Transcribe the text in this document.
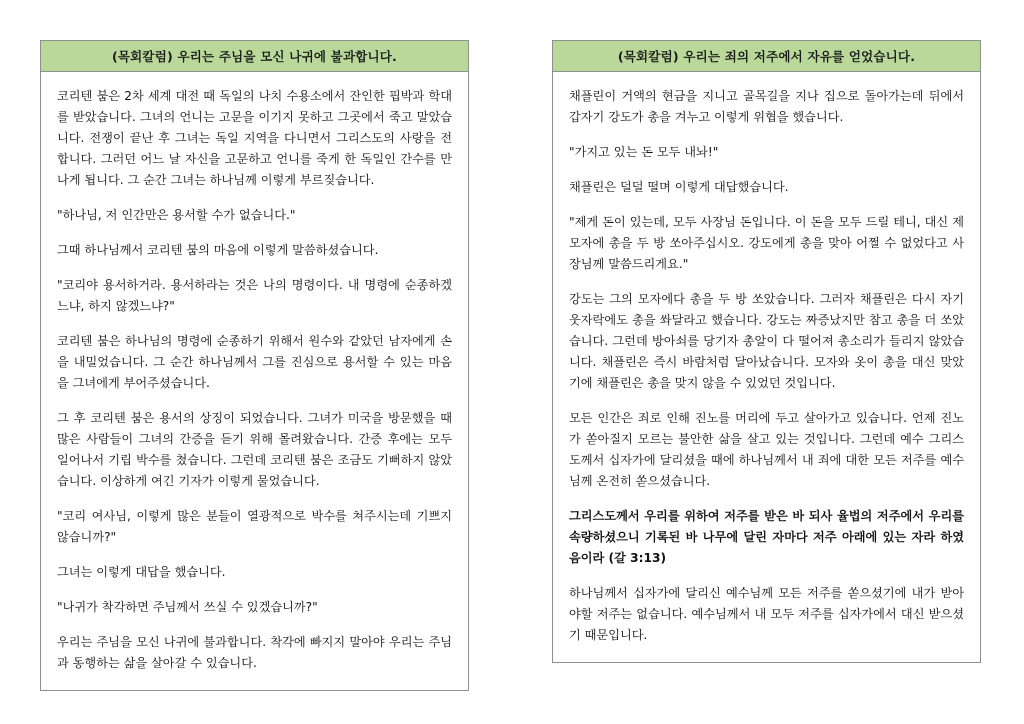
(목회칼럼) 우리는 주님을 모신 나귀에 불과합니다.

코리텐 붐은 2차 세계 대전 때 독일의 나치 수용소에서 잔인한 핍박과 학대를 받았습니다. 그녀의 언니는 고문을 이기지 못하고 그곳에서 죽고 말았습니다. 전쟁이 끝난 후 그녀는 독일 지역을 다니면서 그리스도의 사랑을 전합니다. 그러던 어느 날 자신을 고문하고 언니를 죽게 한 독일인 간수를 만나게 됩니다. 그 순간 그녀는 하나님께 이렇게 부르짖습니다.

"하나님, 저 인간만은 용서할 수가 없습니다."

그때 하나님께서 코리텐 붐의 마음에 이렇게 말씀하셨습니다.

"코리야 용서하거라. 용서하라는 것은 나의 명령이다. 내 명령에 순종하겠느냐, 하지 않겠느냐?"

코리텐 붐은 하나님의 명령에 순종하기 위해서 원수와 같았던 남자에게 손을 내밀었습니다. 그 순간 하나님께서 그를 진심으로 용서할 수 있는 마음을 그녀에게 부어주셨습니다.

그 후 코리텐 붐은 용서의 상징이 되었습니다. 그녀가 미국을 방문했을 때 많은 사람들이 그녀의 간증을 듣기 위해 몰려왔습니다. 간증 후에는 모두 일어나서 기립 박수를 쳤습니다. 그런데 코리텐 붐은 조금도 기뻐하지 않았습니다. 이상하게 여긴 기자가 이렇게 물었습니다.

"코리 여사님, 이렇게 많은 분들이 열광적으로 박수를 쳐주시는데 기쁘지 않습니까?"

그녀는 이렇게 대답을 했습니다.

"나귀가 착각하면 주님께서 쓰실 수 있겠습니까?"

우리는 주님을 모신 나귀에 불과합니다. 착각에 빠지지 말아야 우리는 주님과 동행하는 삶을 살아갈 수 있습니다.

(목회칼럼) 우리는 죄의 저주에서 자유를 얻었습니다.

채플린이 거액의 현금을 지니고 골목길을 지나 집으로 돌아가는데 뒤에서 갑자기 강도가 총을 겨누고 이렇게 위협을 했습니다.

"가지고 있는 돈 모두 내놔!"

채플린은 덜덜 떨며 이렇게 대답했습니다.

"제게 돈이 있는데, 모두 사장님 돈입니다. 이 돈을 모두 드릴 테니, 대신 제 모자에 총을 두 방 쏘아주십시오. 강도에게 총을 맞아 어쩔 수 없었다고 사장님께 말씀드리게요."

강도는 그의 모자에다 총을 두 방 쏘았습니다. 그러자 채플린은 다시 자기 웃자락에도 총을 쏴달라고 했습니다. 강도는 짜증났지만 참고 총을 더 쏘았습니다. 그런데 방아쇠를 당기자 총알이 다 떨어져 총소리가 들리지 않았습니다. 채플린은 즉시 바람처럼 달아났습니다. 모자와 옷이 총을 대신 맞았기에 채플린은 총을 맞지 않을 수 있었던 것입니다.

모든 인간은 죄로 인해 진노를 머리에 두고 살아가고 있습니다. 언제 진노가 쏟아질지 모르는 불안한 삶을 살고 있는 것입니다. 그런데 예수 그리스도께서 십자가에 달리셨을 때에 하나님께서 내 죄에 대한 모든 저주를 예수님께 온전히 쏟으셨습니다.

그리스도께서 우리를 위하여 저주를 받은 바 되사 율법의 저주에서 우리를 속량하셨으니 기록된 바 나무에 달린 자마다 저주 아래에 있는 자라 하였음이라 (갈 3:13)

하나님께서 십자가에 달리신 예수님께 모든 저주를 쏟으셨기에 내가 받아야할 저주는 없습니다. 예수님께서 내 모두 저주를 십자가에서 대신 받으셨기 때문입니다.
